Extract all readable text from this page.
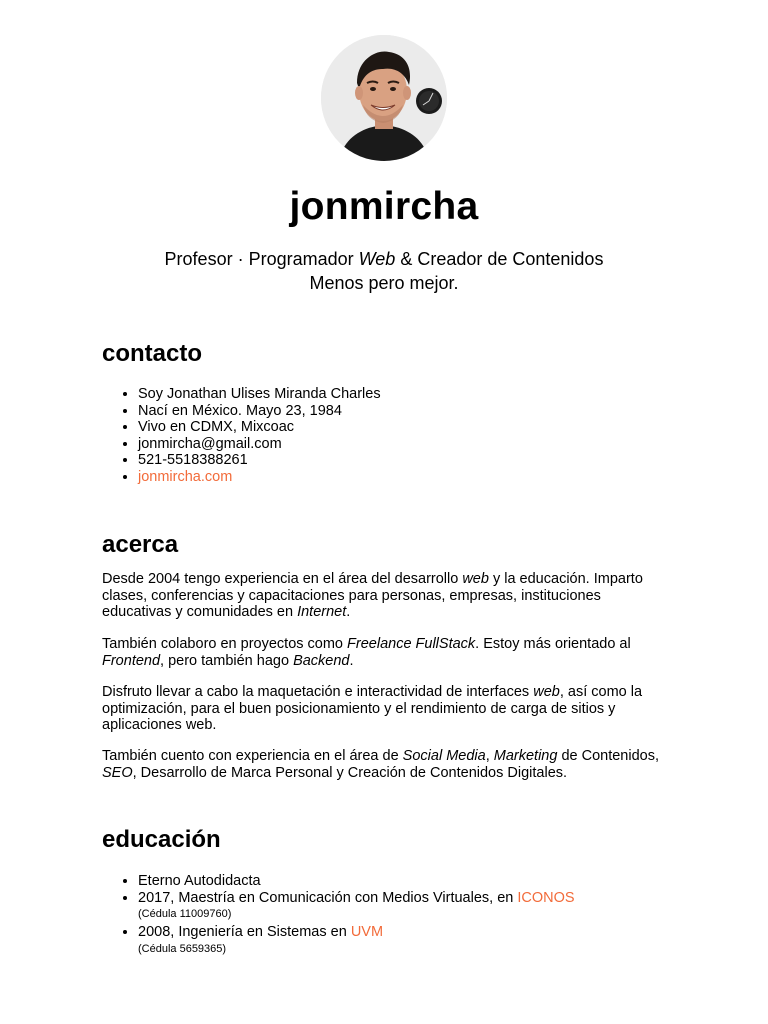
jonmircha
Profesor · Programador Web & Creador de Contenidos
Menos pero mejor.
contacto
• Soy Jonathan Ulises Miranda Charles
• Nací en México. Mayo 23, 1984
• Vivo en CDMX, Mixcoac
• jonmircha@gmail.com
• 521-5518388261
• jonmircha.com
acerca

Desde 2004 tengo experiencia en el área del desarrollo web y la educación. Imparto clases, conferencias y capacitaciones para personas, empresas, instituciones educativas y comunidades en Internet.

También colaboro en proyectos como Freelance FullStack. Estoy más orientado al Frontend, pero también hago Backend.

Disfruto llevar a cabo la maquetación e interactividad de interfaces web, así como la optimización, para el buen posicionamiento y el rendimiento de carga de sitios y aplicaciones web.

También cuento con experiencia en el área de Social Media, Marketing de Contenidos, SEO, Desarrollo de Marca Personal y Creación de Contenidos Digitales.

educación
• Eterno Autodidacta
• 2017, Maestría en Comunicación con Medios Virtuales, en ICONOS
(Cédula 11009760)
• 2008, Ingeniería en Sistemas en UVM
(Cédula 5659365)
